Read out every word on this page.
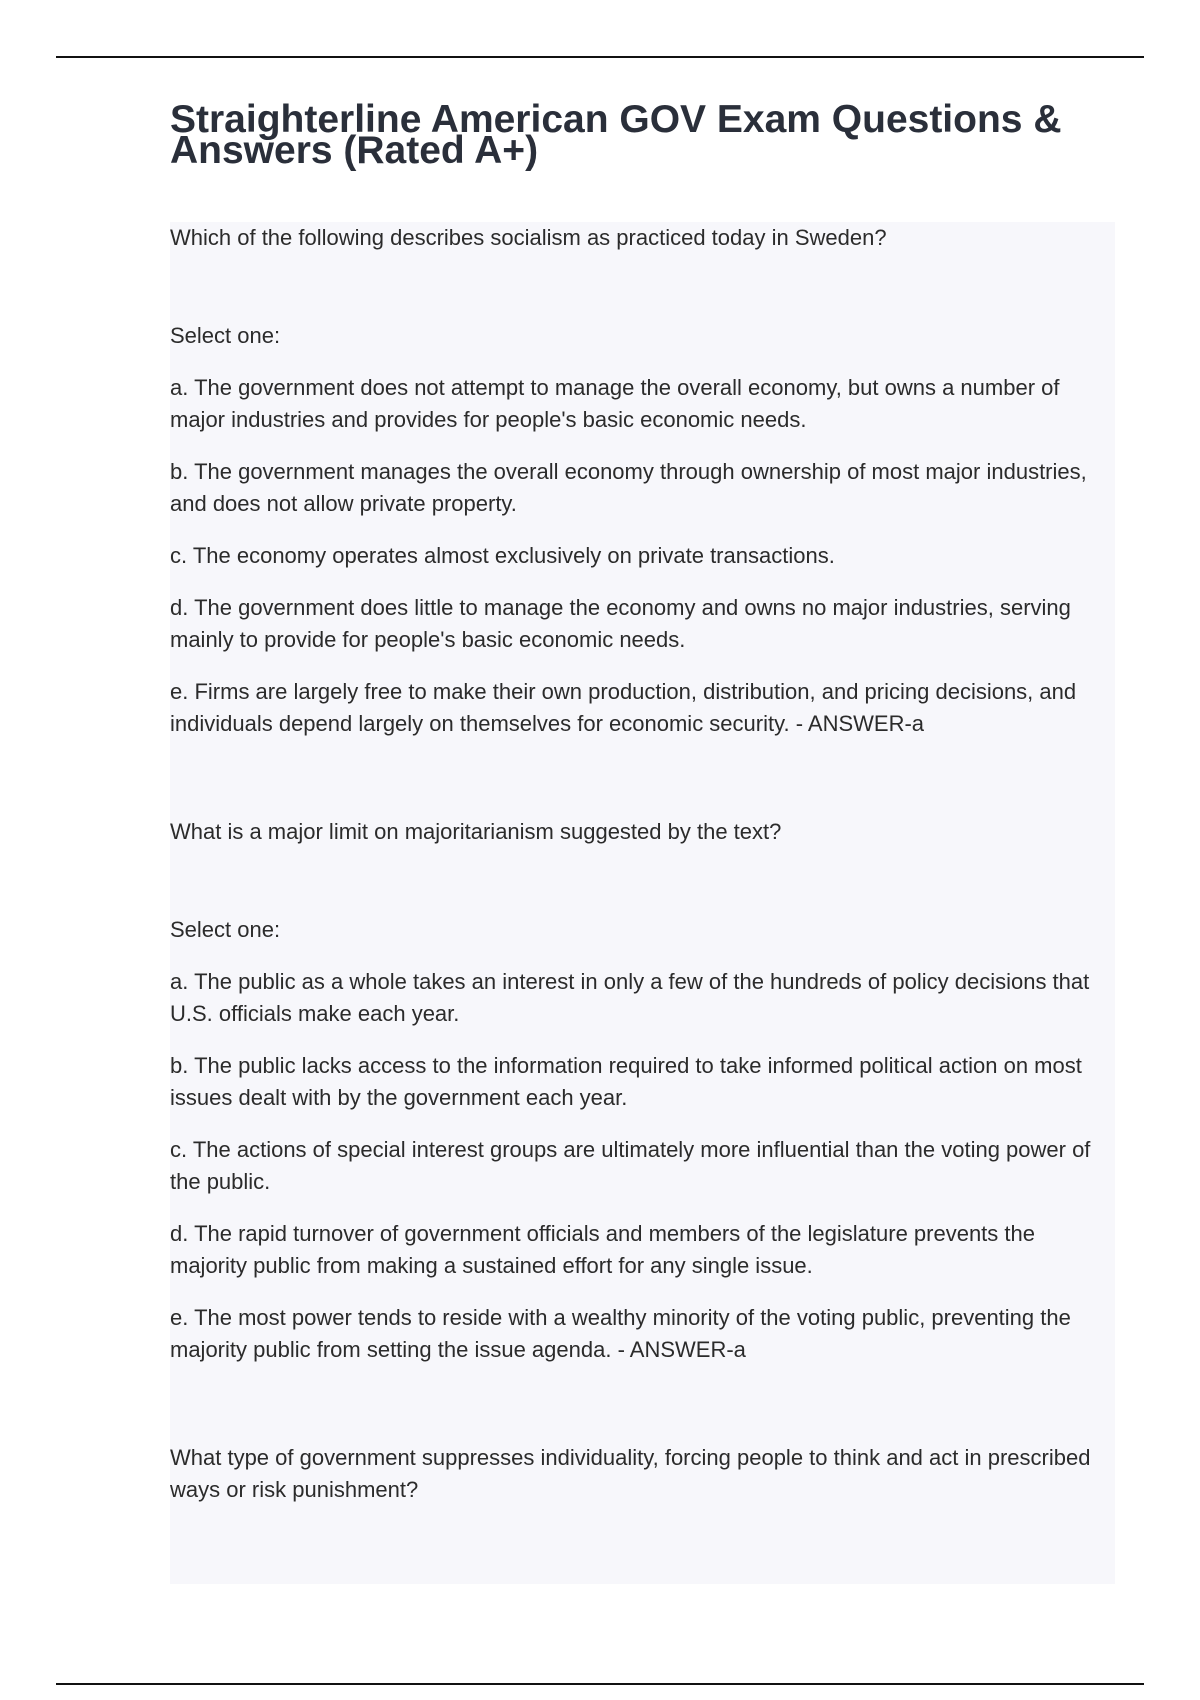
Straighterline American GOV Exam Questions & Answers (Rated A+)

Which of the following describes socialism as practiced today in Sweden?

Select one:

a. The government does not attempt to manage the overall economy, but owns a number of major industries and provides for people's basic economic needs.

b. The government manages the overall economy through ownership of most major industries, and does not allow private property.

c. The economy operates almost exclusively on private transactions.

d. The government does little to manage the economy and owns no major industries, serving mainly to provide for people's basic economic needs.

e. Firms are largely free to make their own production, distribution, and pricing decisions, and individuals depend largely on themselves for economic security. - ANSWER-a

What is a major limit on majoritarianism suggested by the text?

Select one:

a. The public as a whole takes an interest in only a few of the hundreds of policy decisions that U.S. officials make each year.

b. The public lacks access to the information required to take informed political action on most issues dealt with by the government each year.

c. The actions of special interest groups are ultimately more influential than the voting power of the public.

d. The rapid turnover of government officials and members of the legislature prevents the majority public from making a sustained effort for any single issue.

e. The most power tends to reside with a wealthy minority of the voting public, preventing the majority public from setting the issue agenda. - ANSWER-a

What type of government suppresses individuality, forcing people to think and act in prescribed ways or risk punishment?
